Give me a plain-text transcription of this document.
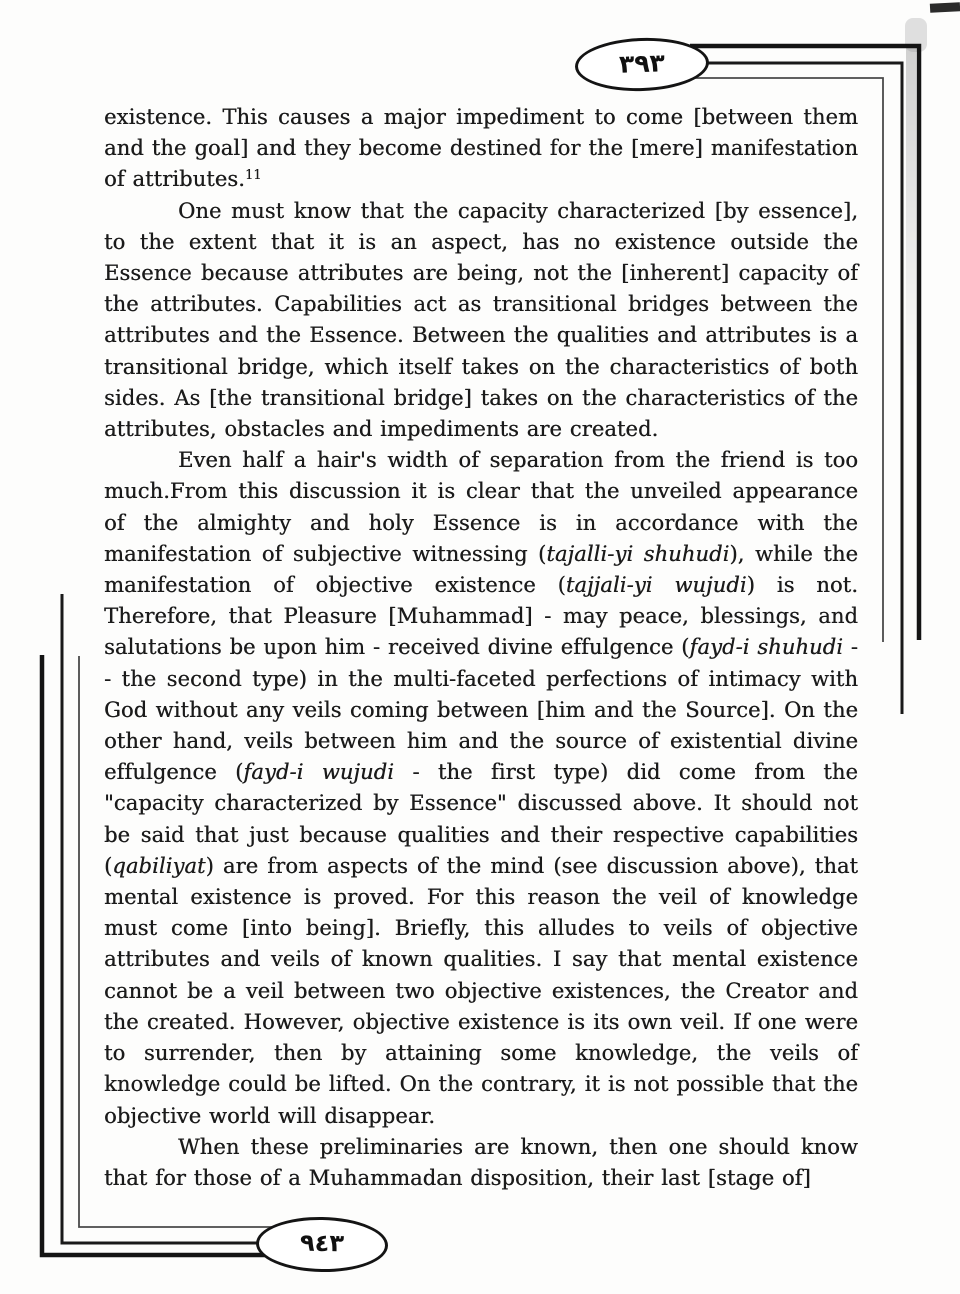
٣٩٣
٩٤٣

existence. This causes a major impediment to come [between them and the goal] and they become destined for the [mere] manifestation of attributes.$^{11}$

One must know that the capacity characterized [by essence], to the extent that it is an aspect, has no existence outside the Essence because attributes are being, not the [inherent] capacity of the attributes. Capabilities act as transitional bridges between the attributes and the Essence. Between the qualities and attributes is a transitional bridge, which itself takes on the characteristics of both sides. As [the transitional bridge] takes on the characteristics of the attributes, obstacles and impediments are created.

Even half a hair's width of separation from the friend is too much.From this discussion it is clear that the unveiled appearance of the almighty and holy Essence is in accordance with the manifestation of subjective witnessing (tajalli-yi shuhudi), while the manifestation of objective existence (tajjali-yi wujudi) is not. Therefore, that Pleasure [Muhammad] - may peace, blessings, and salutations be upon him - received divine effulgence (fayd-i shuhudi -- the second type) in the multi-faceted perfections of intimacy with God without any veils coming between [him and the Source]. On the other hand, veils between him and the source of existential divine effulgence (fayd-i wujudi - the first type) did come from the "capacity characterized by Essence" discussed above. It should not be said that just because qualities and their respective capabilities (qabiliyat) are from aspects of the mind (see discussion above), that mental existence is proved. For this reason the veil of knowledge must come [into being]. Briefly, this alludes to veils of objective attributes and veils of known qualities. I say that mental existence cannot be a veil between two objective existences, the Creator and the created. However, objective existence is its own veil. If one were to surrender, then by attaining some knowledge, the veils of knowledge could be lifted. On the contrary, it is not possible that the objective world will disappear.

When these preliminaries are known, then one should know that for those of a Muhammadan disposition, their last [stage of]
